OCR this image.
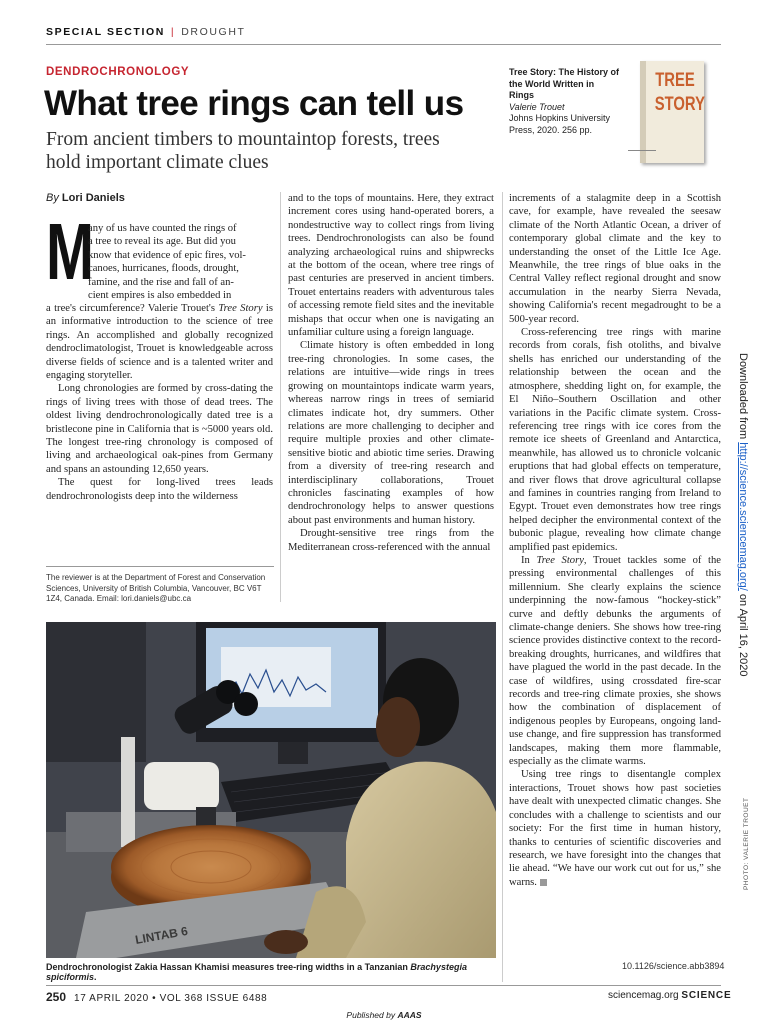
SPECIAL SECTION | DROUGHT
DENDROCHRONOLOGY
What tree rings can tell us
From ancient timbers to mountaintop forests, trees hold important climate clues
Tree Story: The History of the World Written in Rings
Valerie Trouet
Johns Hopkins University Press, 2020. 256 pp.
TREE
STORY
By Lori Daniels
M
any of us have counted the rings of
a tree to reveal its age. But did you
know that evidence of epic fires, vol-
canoes, hurricanes, floods, drought,
famine, and the rise and fall of an-
cient empires is also embedded in

a tree's circumference? Valerie Trouet's Tree Story is an informative introduction to the science of tree rings. An accomplished and globally recognized dendroclimatologist, Trouet is knowledgeable across diverse fields of science and is a talented writer and engaging storyteller.

Long chronologies are formed by cross-dating the rings of living trees with those of dead trees. The oldest living dendrochronologically dated tree is a bristlecone pine in California that is ~5000 years old. The longest tree-ring chronology is composed of living and archaeological oak-pines from Germany and spans an astounding 12,650 years.

The quest for long-lived trees leads dendrochronologists deep into the wilderness

The reviewer is at the Department of Forest and Conservation Sciences, University of British Columbia, Vancouver, BC V6T 1Z4, Canada. Email: lori.daniels@ubc.ca

and to the tops of mountains. Here, they extract increment cores using hand-operated borers, a nondestructive way to collect rings from living trees. Dendrochronologists can also be found analyzing archaeological ruins and shipwrecks at the bottom of the ocean, where tree rings of past centuries are preserved in ancient timbers. Trouet entertains readers with adventurous tales of accessing remote field sites and the inevitable mishaps that occur when one is navigating an unfamiliar culture using a foreign language.

Climate history is often embedded in long tree-ring chronologies. In some cases, the relations are intuitive—wide rings in trees growing on mountaintops indicate warm years, whereas narrow rings in trees of semiarid climates indicate hot, dry summers. Other relations are more challenging to decipher and require multiple proxies and other climate-sensitive biotic and abiotic time series. Drawing from a diversity of tree-ring research and interdisciplinary collaborations, Trouet chronicles fascinating examples of how dendrochronology helps to answer questions about past environments and human history.

Drought-sensitive tree rings from the Mediterranean cross-referenced with the annual

increments of a stalagmite deep in a Scottish cave, for example, have revealed the seesaw climate of the North Atlantic Ocean, a driver of contemporary global climate and the key to understanding the onset of the Little Ice Age. Meanwhile, the tree rings of blue oaks in the Central Valley reflect regional drought and snow accumulation in the nearby Sierra Nevada, showing California's recent megadrought to be a 500-year record.

Cross-referencing tree rings with marine records from corals, fish otoliths, and bivalve shells has enriched our understanding of the relationship between the ocean and the atmosphere, shedding light on, for example, the El Niño–Southern Oscillation and other variations in the Pacific climate system. Cross-referencing tree rings with ice cores from the remote ice sheets of Greenland and Antarctica, meanwhile, has allowed us to chronicle volcanic eruptions that had global effects on temperature, and river flows that drove agricultural collapse and famines in countries ranging from Ireland to Egypt. Trouet even demonstrates how tree rings helped decipher the environmental context of the bubonic plague, revealing how climate change amplified past epidemics.

In Tree Story, Trouet tackles some of the pressing environmental challenges of this millennium. She clearly explains the science underpinning the now-famous “hockey-stick” curve and deftly debunks the arguments of climate-change deniers. She shows how tree-ring science provides distinctive context to the record-breaking droughts, hurricanes, and wildfires that have plagued the world in the past decade. In the case of wildfires, using crossdated fire-scar records and tree-ring climate proxies, she shows how the combination of displacement of indigenous peoples by Europeans, ongoing land-use change, and fire suppression has transformed landscapes, making them more flammable, especially as the climate warms.

Using tree rings to disentangle complex interactions, Trouet shows how past societies have dealt with unexpected climatic changes. She concludes with a challenge to scientists and our society: For the first time in human history, thanks to centuries of scientific discoveries and research, we have foresight into the changes that lie ahead. “We have our work cut out for us,” she warns.

LINTAB 6
Dendrochronologist Zakia Hassan Khamisi measures tree-ring widths in a Tanzanian Brachystegia spiciformis.
10.1126/science.abb3894
Downloaded from http://science.sciencemag.org/ on April 16, 2020
PHOTO: VALERIE TROUET
250 17 APRIL 2020 • VOL 368 ISSUE 6488	sciencemag.org SCIENCE
Published by AAAS
